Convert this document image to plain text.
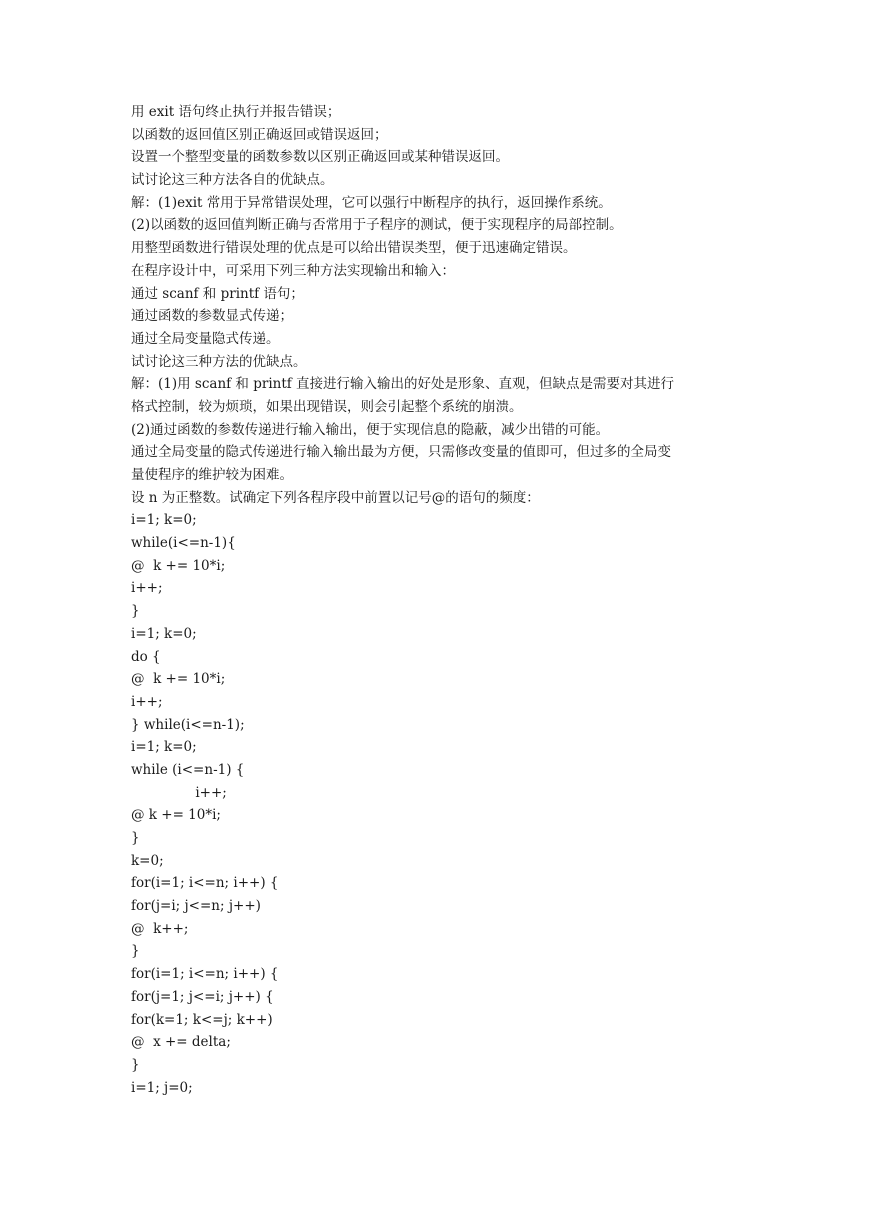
用 exit 语句终止执行并报告错误；

以函数的返回值区别正确返回或错误返回；

设置一个整型变量的函数参数以区别正确返回或某种错误返回。

试讨论这三种方法各自的优缺点。

解：(1)exit 常用于异常错误处理，它可以强行中断程序的执行，返回操作系统。

(2)以函数的返回值判断正确与否常用于子程序的测试，便于实现程序的局部控制。

用整型函数进行错误处理的优点是可以给出错误类型，便于迅速确定错误。

在程序设计中，可采用下列三种方法实现输出和输入：

通过 scanf 和 printf 语句；

通过函数的参数显式传递；

通过全局变量隐式传递。

试讨论这三种方法的优缺点。

解：(1)用 scanf 和 printf 直接进行输入输出的好处是形象、直观，但缺点是需要对其进行

格式控制，较为烦琐，如果出现错误，则会引起整个系统的崩溃。

(2)通过函数的参数传递进行输入输出，便于实现信息的隐蔽，减少出错的可能。

通过全局变量的隐式传递进行输入输出最为方便，只需修改变量的值即可，但过多的全局变

量使程序的维护较为困难。

设 n 为正整数。试确定下列各程序段中前置以记号@的语句的频度：

i=1; k=0;

while(i<=n-1){

@  k += 10*i;

i++;

}

i=1; k=0;

do {

@  k += 10*i;

i++;

} while(i<=n-1);

i=1; k=0;

while (i<=n-1) {

i++;

@ k += 10*i;

}

k=0;

for(i=1; i<=n; i++) {

for(j=i; j<=n; j++)

@  k++;

}

for(i=1; i<=n; i++) {

for(j=1; j<=i; j++) {

for(k=1; k<=j; k++)

@  x += delta;

}

i=1; j=0;
